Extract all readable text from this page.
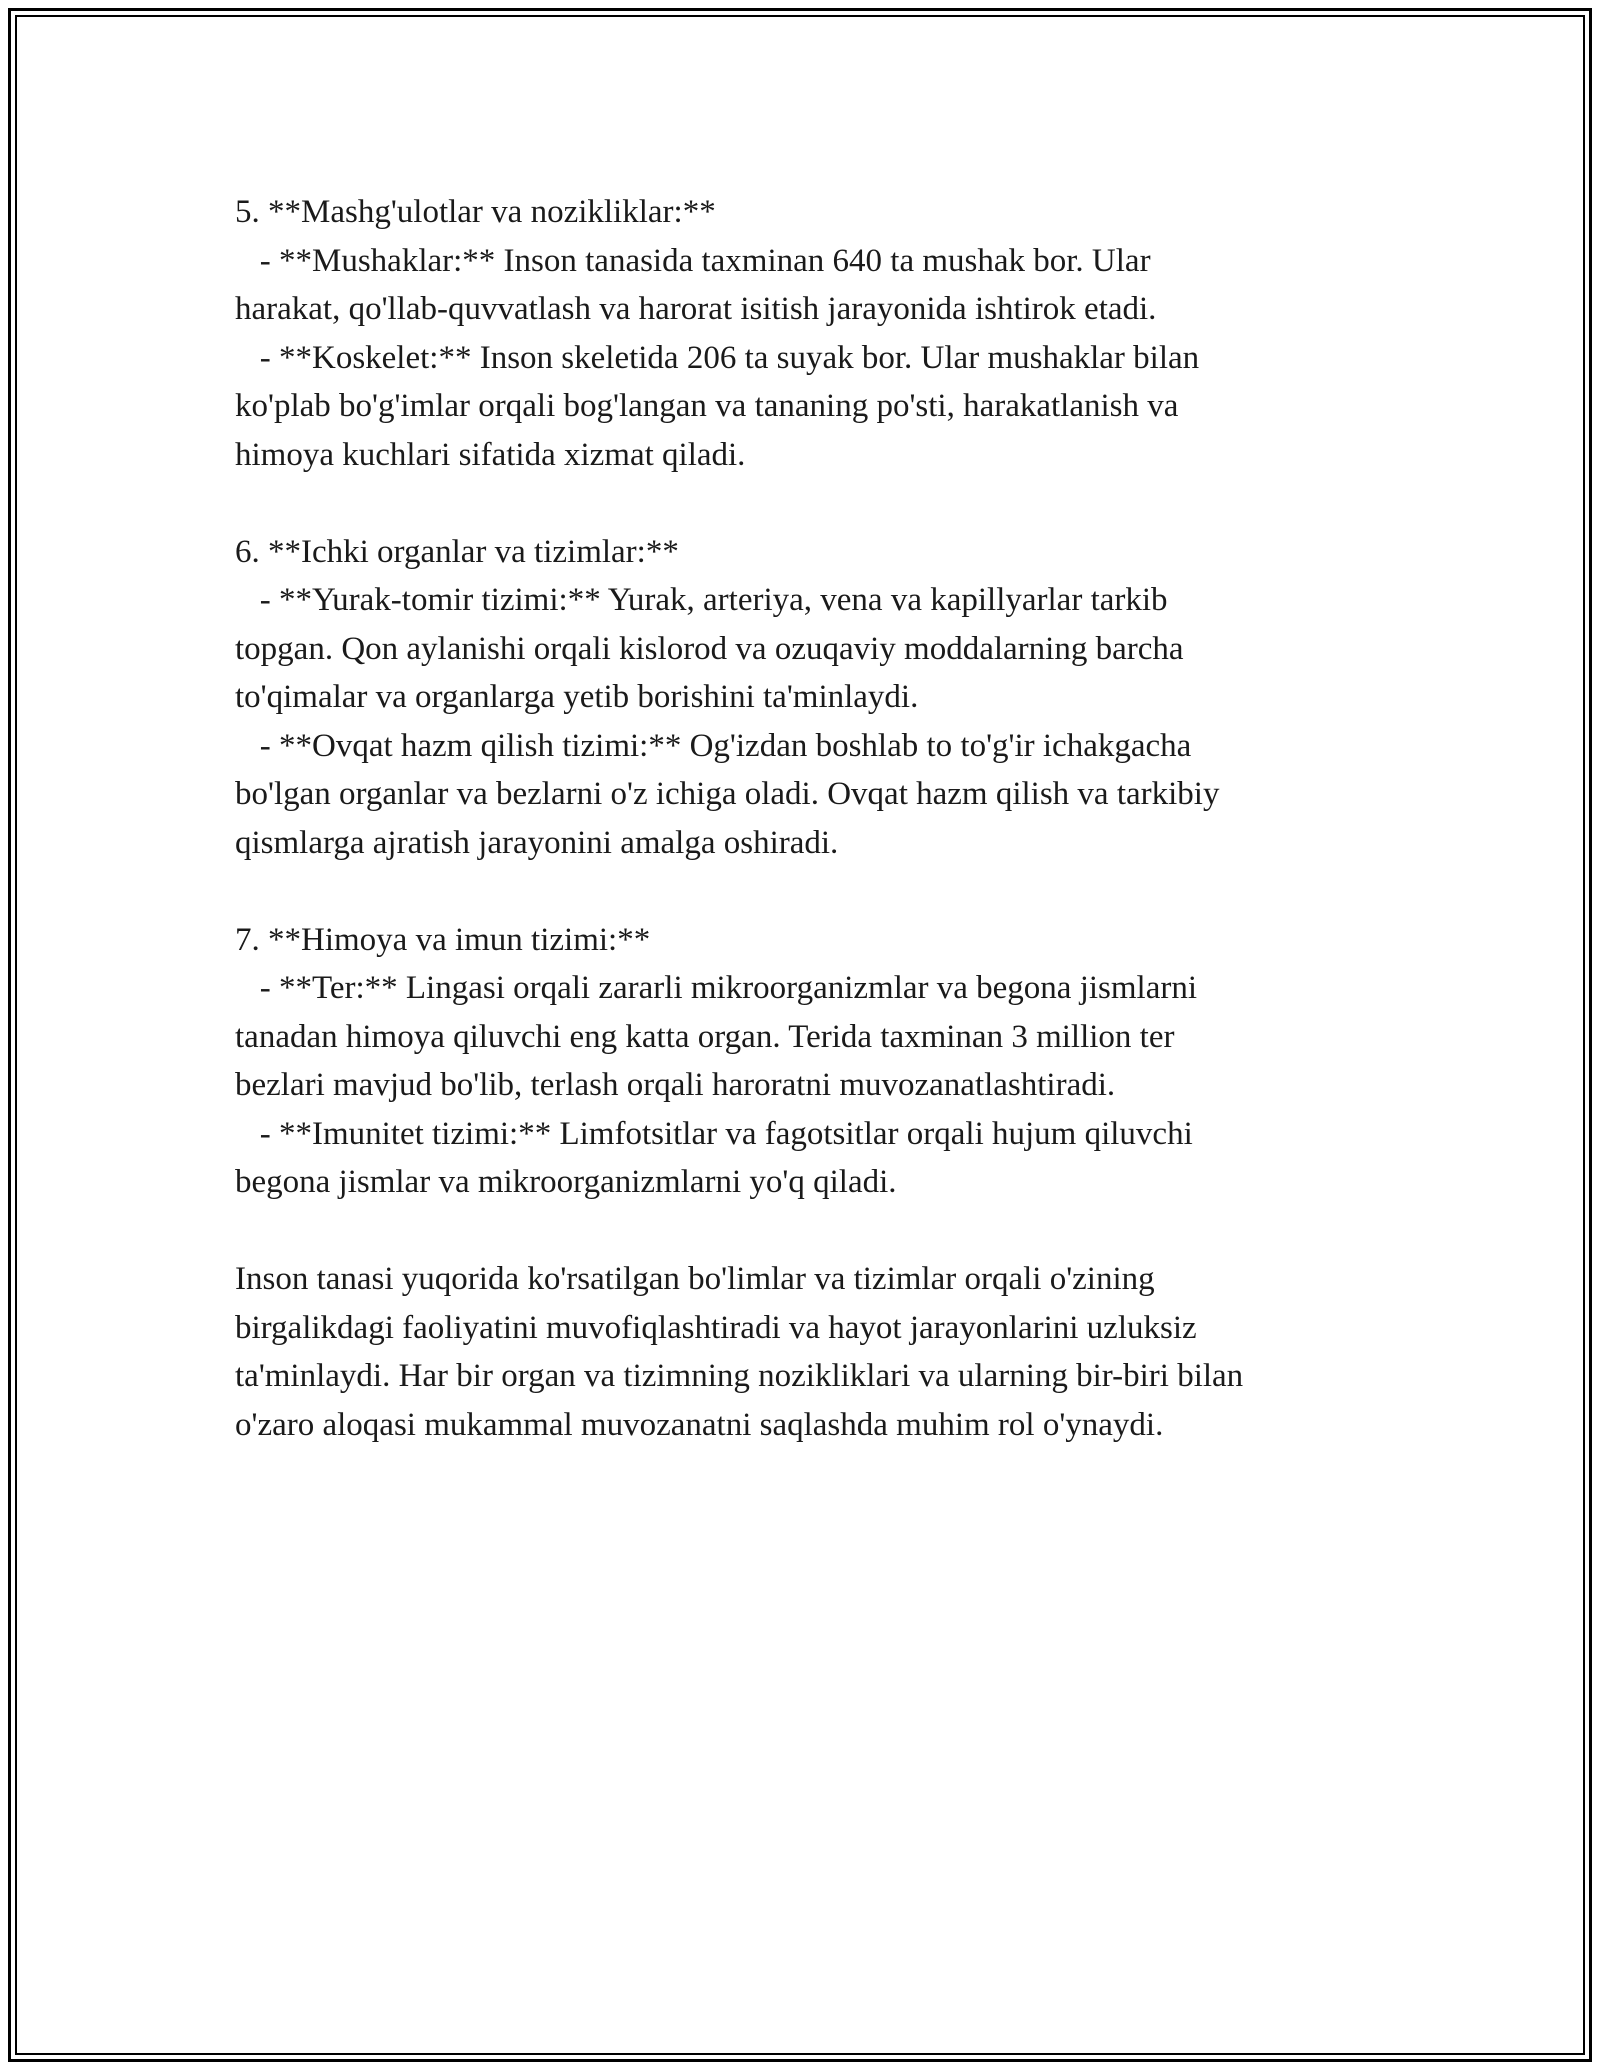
5. **Mashg'ulotlar va nozikliklar:**

- **Mushaklar:** Inson tanasida taxminan 640 ta mushak bor. Ular

harakat, qo'llab-quvvatlash va harorat isitish jarayonida ishtirok etadi.

- **Koskelet:** Inson skeletida 206 ta suyak bor. Ular mushaklar bilan

ko'plab bo'g'imlar orqali bog'langan va tananing po'sti, harakatlanish va

himoya kuchlari sifatida xizmat qiladi.

6. **Ichki organlar va tizimlar:**

- **Yurak-tomir tizimi:** Yurak, arteriya, vena va kapillyarlar tarkib

topgan. Qon aylanishi orqali kislorod va ozuqaviy moddalarning barcha

to'qimalar va organlarga yetib borishini ta'minlaydi.

- **Ovqat hazm qilish tizimi:** Og'izdan boshlab to to'g'ir ichakgacha

bo'lgan organlar va bezlarni o'z ichiga oladi. Ovqat hazm qilish va tarkibiy

qismlarga ajratish jarayonini amalga oshiradi.

7. **Himoya va imun tizimi:**

- **Ter:** Lingasi orqali zararli mikroorganizmlar va begona jismlarni

tanadan himoya qiluvchi eng katta organ. Terida taxminan 3 million ter

bezlari mavjud bo'lib, terlash orqali haroratni muvozanatlashtiradi.

- **Imunitet tizimi:** Limfotsitlar va fagotsitlar orqali hujum qiluvchi

begona jismlar va mikroorganizmlarni yo'q qiladi.

Inson tanasi yuqorida ko'rsatilgan bo'limlar va tizimlar orqali o'zining

birgalikdagi faoliyatini muvofiqlashtiradi va hayot jarayonlarini uzluksiz

ta'minlaydi. Har bir organ va tizimning nozikliklari va ularning bir-biri bilan

o'zaro aloqasi mukammal muvozanatni saqlashda muhim rol o'ynaydi.
